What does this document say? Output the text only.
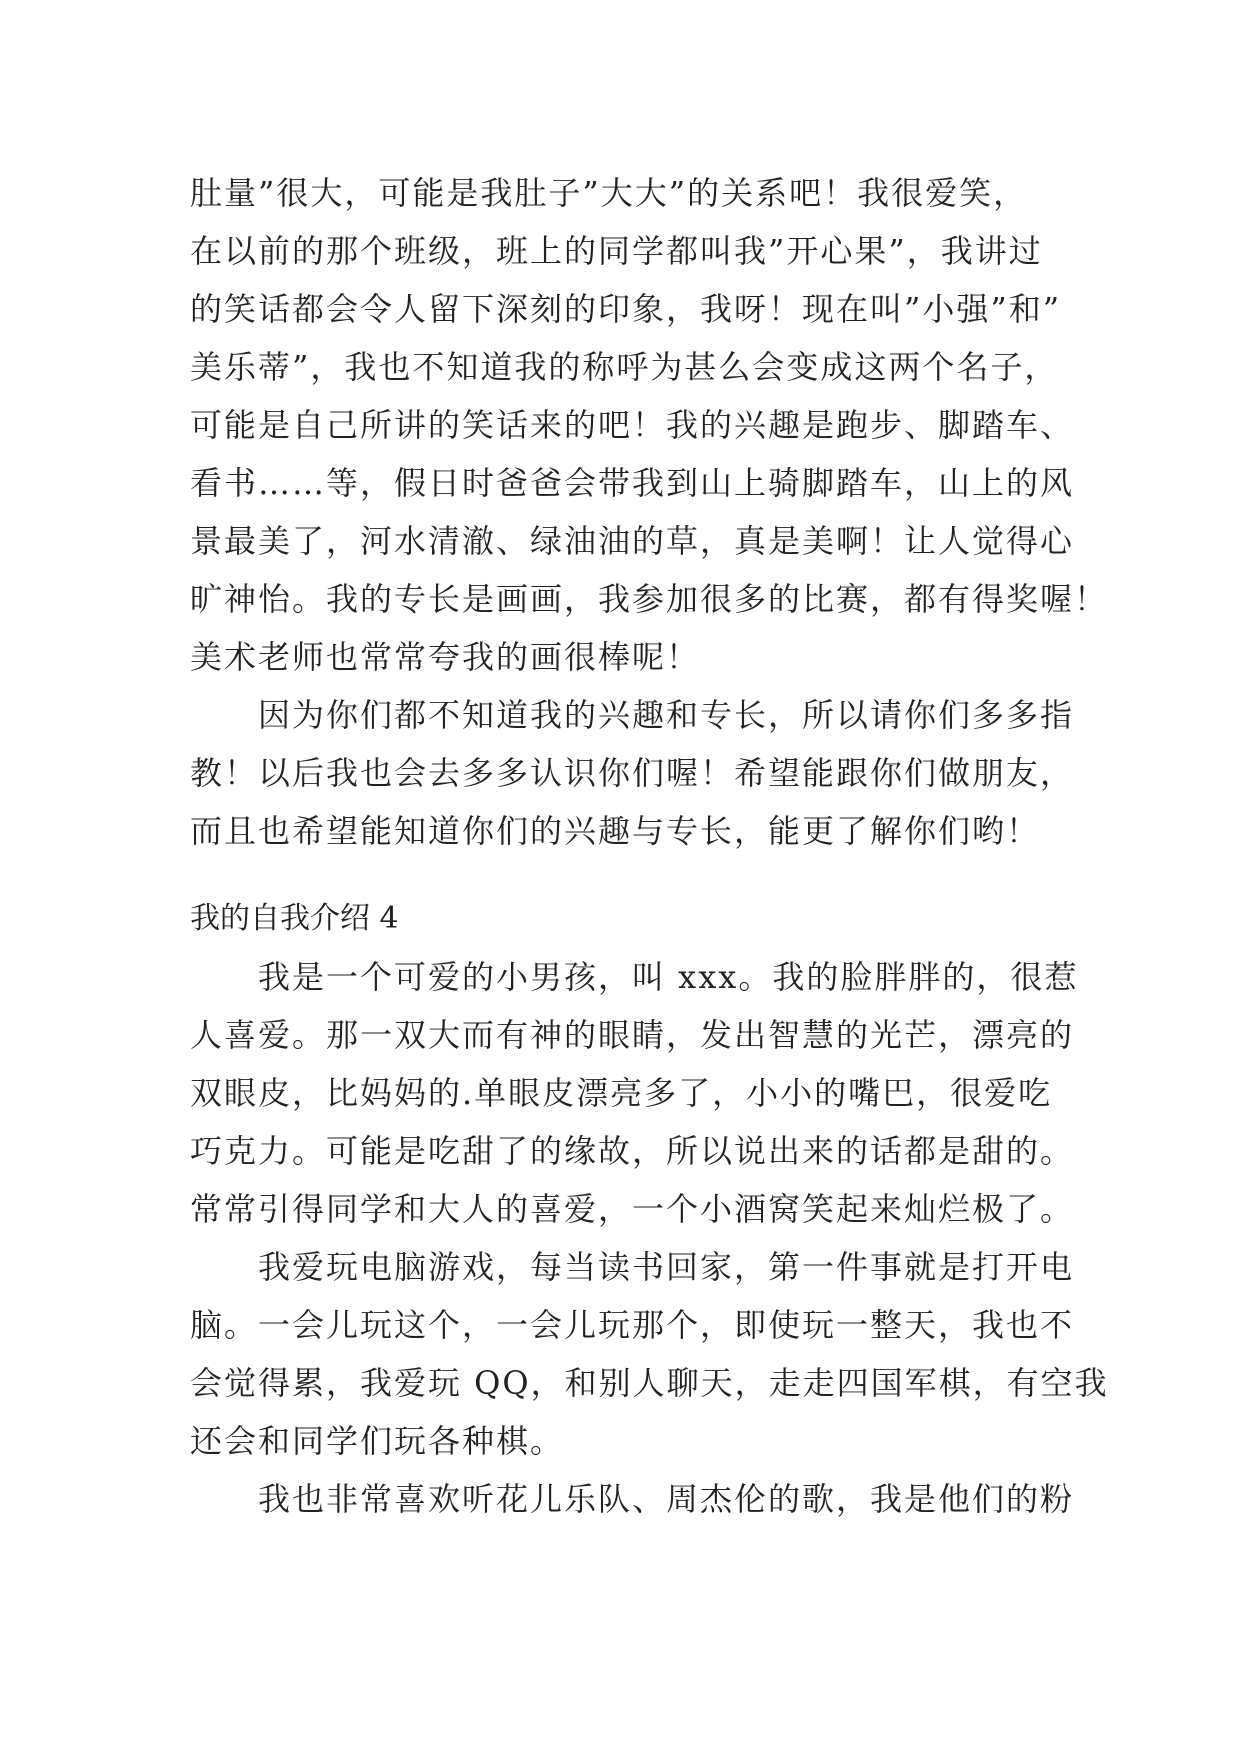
肚量”很大，可能是我肚子”大大”的关系吧！我很爱笑，
在以前的那个班级，班上的同学都叫我”开心果”，我讲过
的笑话都会令人留下深刻的印象，我呀！现在叫”小强”和”
美乐蒂”，我也不知道我的称呼为甚么会变成这两个名子，
可能是自己所讲的笑话来的吧！我的兴趣是跑步、脚踏车、
看书……等，假日时爸爸会带我到山上骑脚踏车，山上的风
景最美了，河水清澈、绿油油的草，真是美啊！让人觉得心
旷神怡。我的专长是画画，我参加很多的比赛，都有得奖喔！
美术老师也常常夸我的画很棒呢！
因为你们都不知道我的兴趣和专长，所以请你们多多指
教！以后我也会去多多认识你们喔！希望能跟你们做朋友，
而且也希望能知道你们的兴趣与专长，能更了解你们哟！
我的自我介绍 4
我是一个可爱的小男孩，叫 xxx。我的脸胖胖的，很惹
人喜爱。那一双大而有神的眼睛，发出智慧的光芒，漂亮的
双眼皮，比妈妈的.单眼皮漂亮多了，小小的嘴巴，很爱吃
巧克力。可能是吃甜了的缘故，所以说出来的话都是甜的。
常常引得同学和大人的喜爱，一个小酒窝笑起来灿烂极了。
我爱玩电脑游戏，每当读书回家，第一件事就是打开电
脑。一会儿玩这个，一会儿玩那个，即使玩一整天，我也不
会觉得累，我爱玩 QQ，和别人聊天，走走四国军棋，有空我
还会和同学们玩各种棋。
我也非常喜欢听花儿乐队、周杰伦的歌，我是他们的粉
